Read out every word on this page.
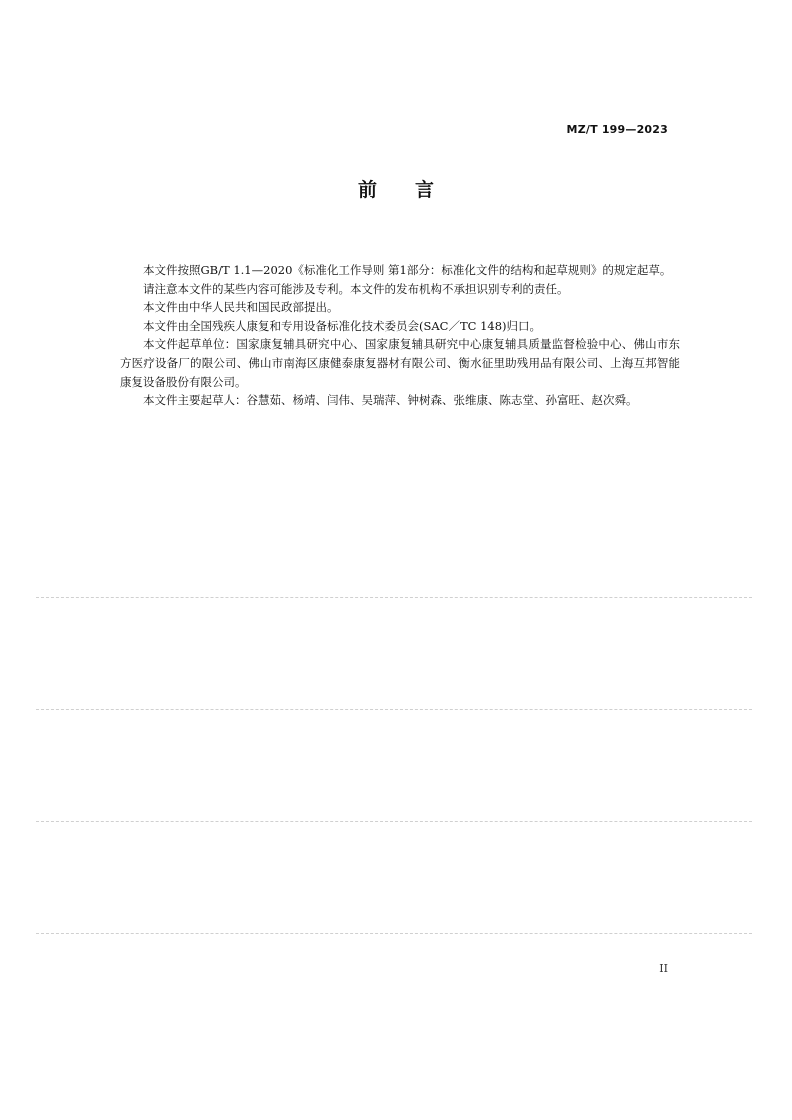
MZ/T 199—2023
前言

本文件按照GB/T 1.1—2020《标准化工作导则 第1部分：标准化文件的结构和起草规则》的规定起草。

请注意本文件的某些内容可能涉及专利。本文件的发布机构不承担识别专利的责任。

本文件由中华人民共和国民政部提出。

本文件由全国残疾人康复和专用设备标准化技术委员会(SAC／TC 148)归口。

本文件起草单位：国家康复辅具研究中心、国家康复辅具研究中心康复辅具质量监督检验中心、佛山市东方医疗设备厂的限公司、佛山市南海区康健泰康复器材有限公司、衡水征里助残用品有限公司、上海互邦智能康复设备股份有限公司。

本文件主要起草人：谷慧茹、杨靖、闫伟、吴瑞萍、钟树森、张维康、陈志堂、孙富旺、赵次舜。

II
